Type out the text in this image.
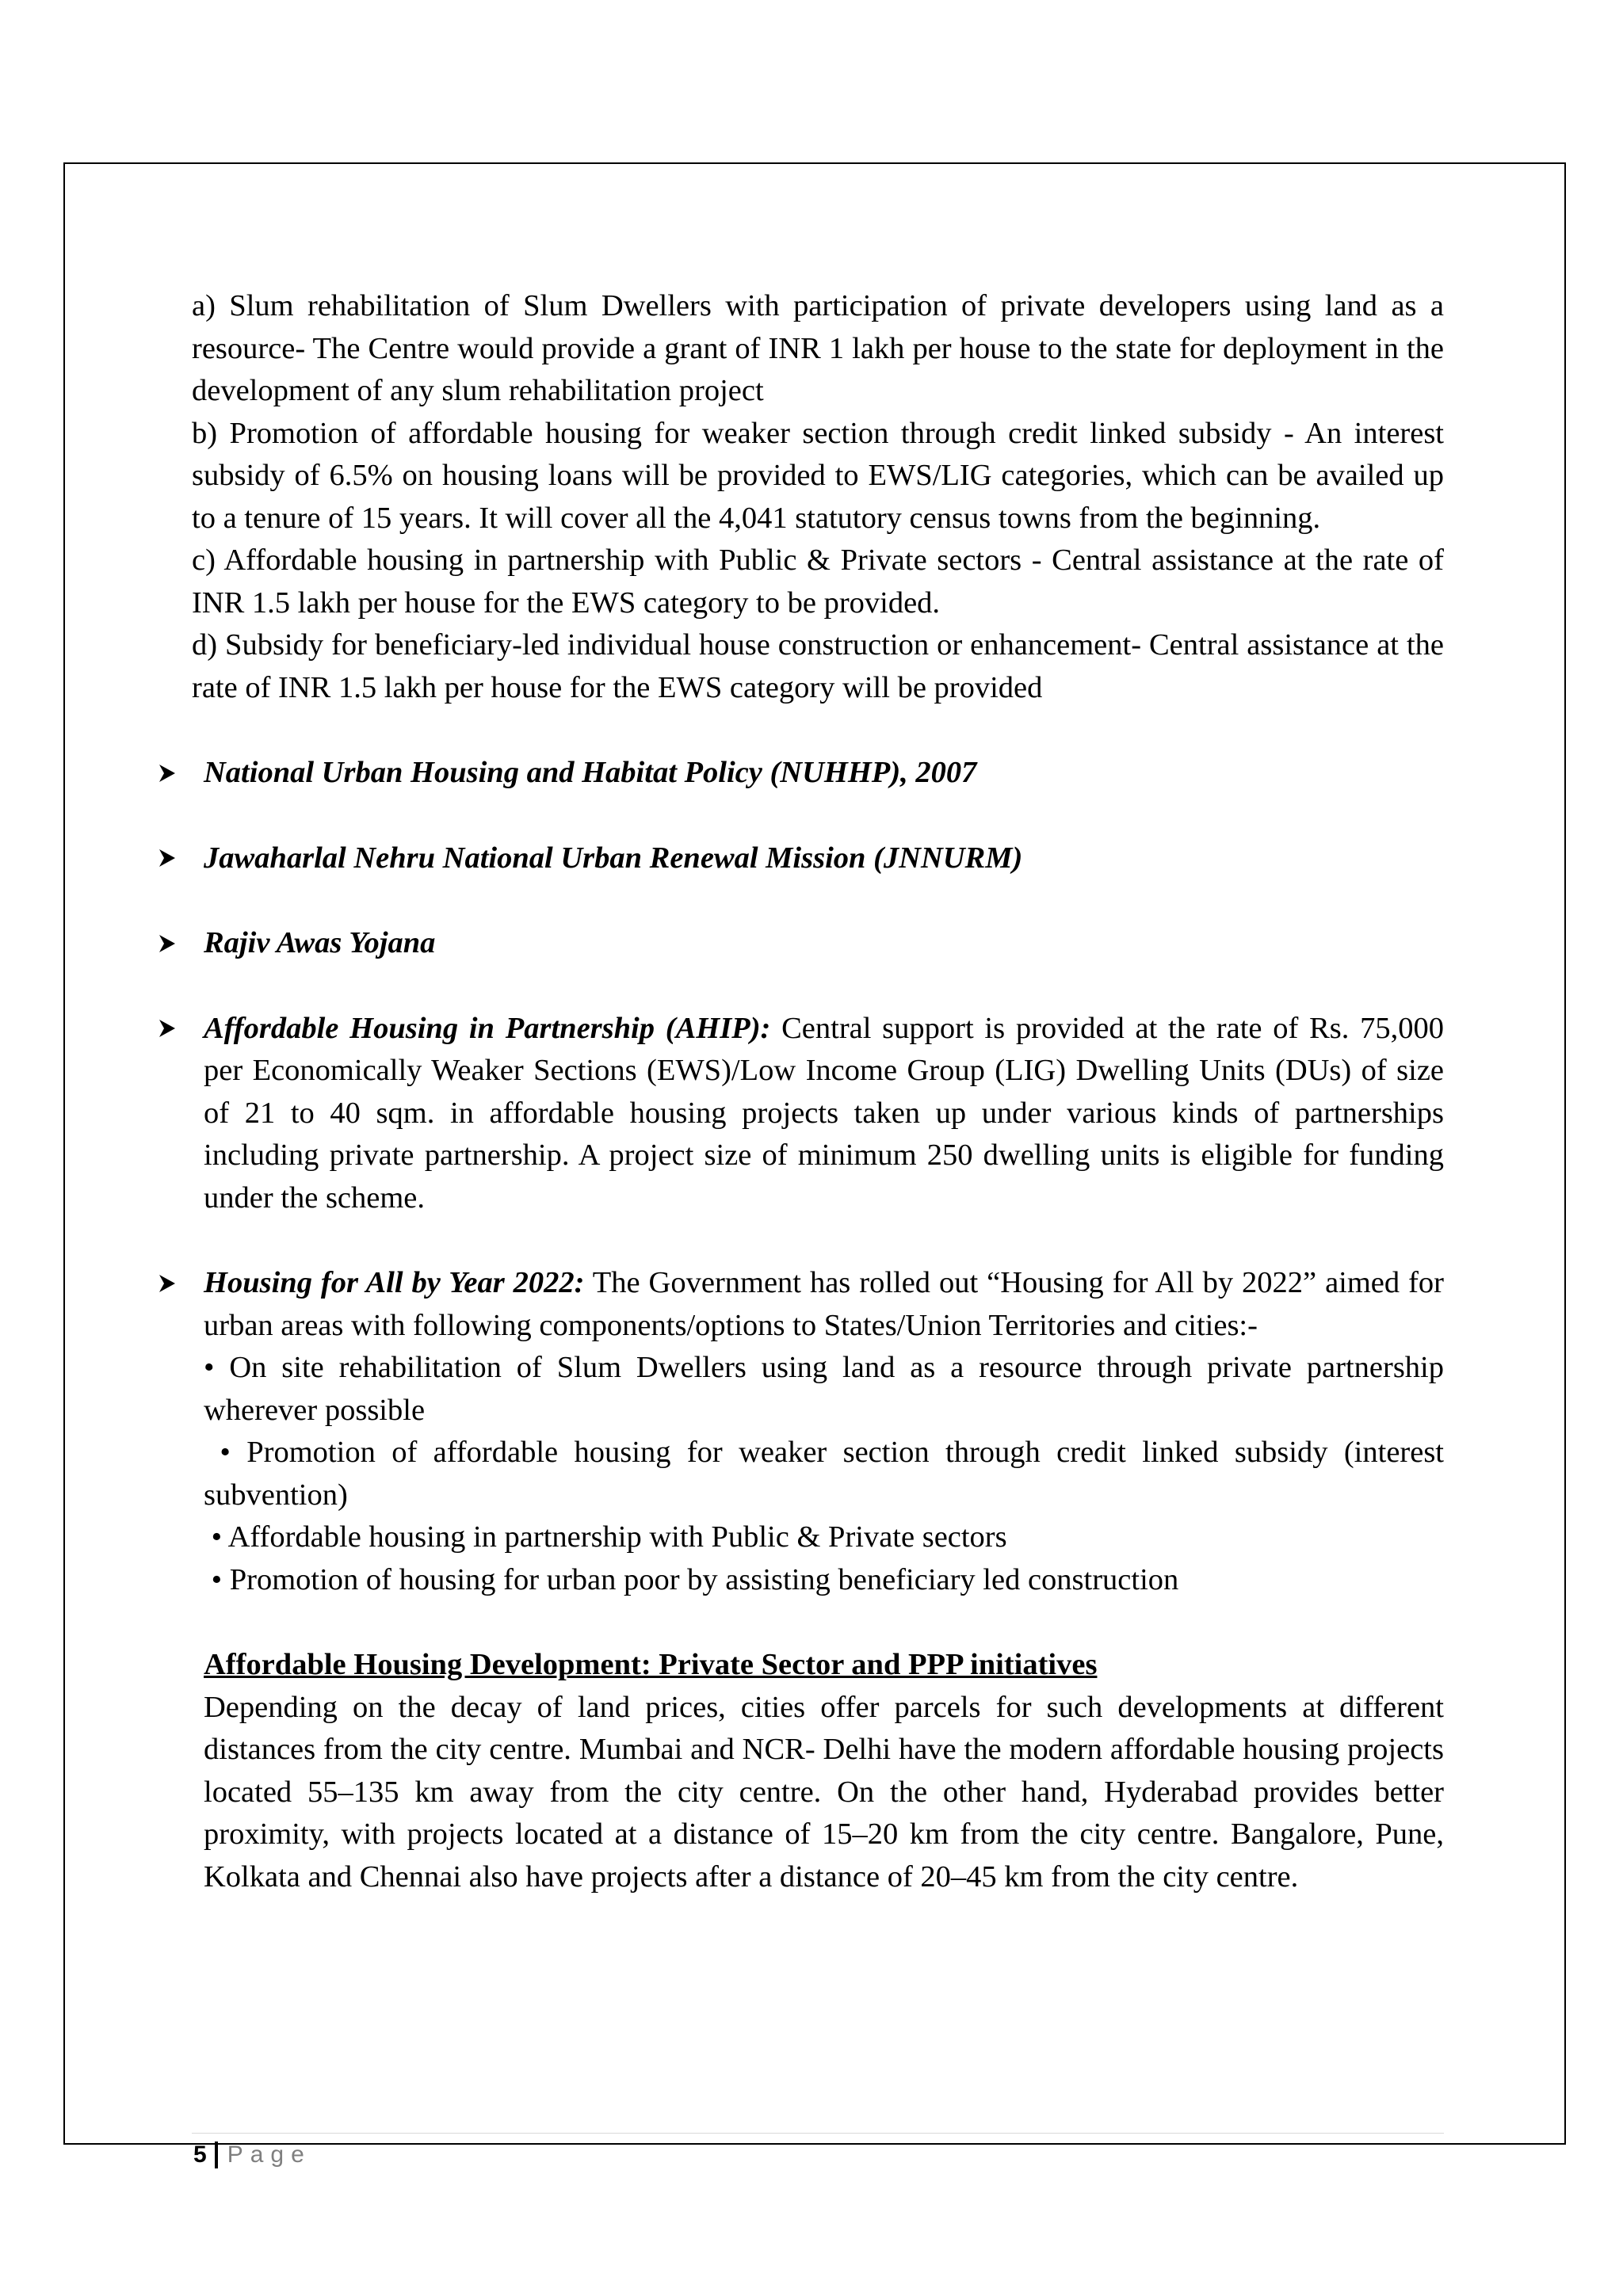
a) Slum rehabilitation of Slum Dwellers with participation of private developers using land as a resource- The Centre would provide a grant of INR 1 lakh per house to the state for deployment in the development of any slum rehabilitation project

b) Promotion of affordable housing for weaker section through credit linked subsidy - An interest subsidy of 6.5% on housing loans will be provided to EWS/LIG categories, which can be availed up to a tenure of 15 years. It will cover all the 4,041 statutory census towns from the beginning.

c) Affordable housing in partnership with Public & Private sectors - Central assistance at the rate of INR 1.5 lakh per house for the EWS category to be provided.

d) Subsidy for beneficiary-led individual house construction or enhancement- Central assistance at the rate of INR 1.5 lakh per house for the EWS category will be provided

National Urban Housing and Habitat Policy (NUHHP), 2007

Jawaharlal Nehru National Urban Renewal Mission (JNNURM)

Rajiv Awas Yojana

Affordable Housing in Partnership (AHIP): Central support is provided at the rate of Rs. 75,000 per Economically Weaker Sections (EWS)/Low Income Group (LIG) Dwelling Units (DUs) of size of 21 to 40 sqm. in affordable housing projects taken up under various kinds of partnerships including private partnership. A project size of minimum 250 dwelling units is eligible for funding under the scheme.

Housing for All by Year 2022: The Government has rolled out “Housing for All by 2022” aimed for urban areas with following components/options to States/Union Territories and cities:-

• On site rehabilitation of Slum Dwellers using land as a resource through private partnership wherever possible

• Promotion of affordable housing for weaker section through credit linked subsidy (interest subvention)

• Affordable housing in partnership with Public & Private sectors

• Promotion of housing for urban poor by assisting beneficiary led construction

Affordable Housing Development: Private Sector and PPP initiatives

Depending on the decay of land prices, cities offer parcels for such developments at different distances from the city centre. Mumbai and NCR- Delhi have the modern affordable housing projects located 55–135 km away from the city centre. On the other hand, Hyderabad provides better proximity, with projects located at a distance of 15–20 km from the city centre. Bangalore, Pune, Kolkata and Chennai also have projects after a distance of 20–45 km from the city centre.

5 Page
